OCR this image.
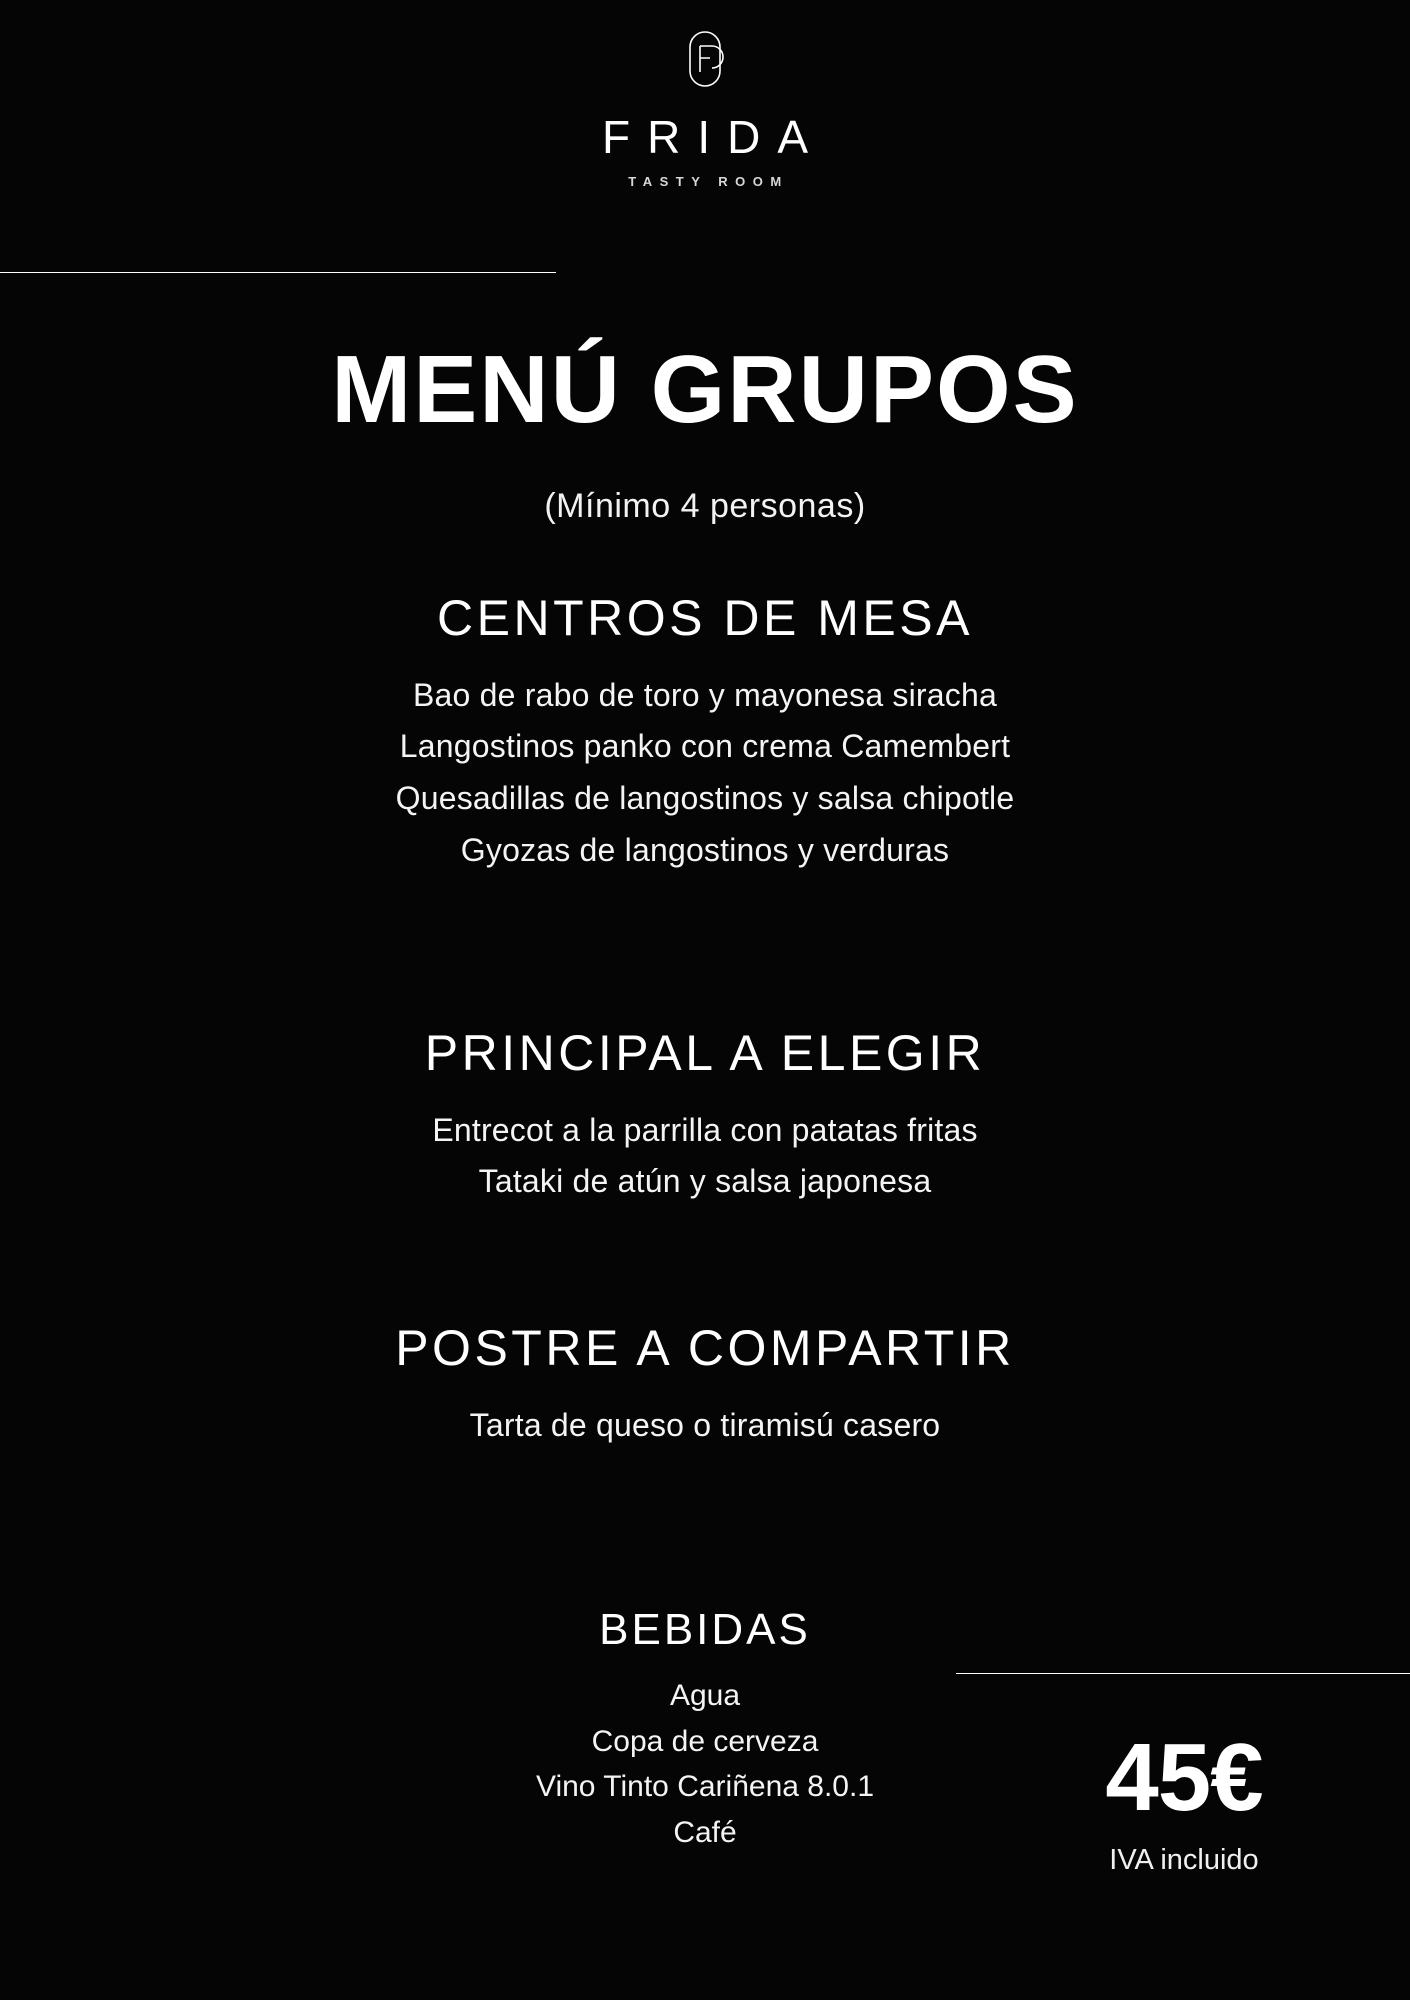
FRIDA
TASTY ROOM
MENÚ GRUPOS
(Mínimo 4 personas)
CENTROS DE MESA
Bao de rabo de toro y mayonesa siracha
Langostinos panko con crema Camembert
Quesadillas de langostinos y salsa chipotle
Gyozas de langostinos y verduras
PRINCIPAL A ELEGIR
Entrecot a la parrilla con patatas fritas
Tataki de atún y salsa japonesa
POSTRE A COMPARTIR
Tarta de queso o tiramisú casero
BEBIDAS
Agua
Copa de cerveza
Vino Tinto Cariñena 8.0.1
Café
45€
IVA incluido
